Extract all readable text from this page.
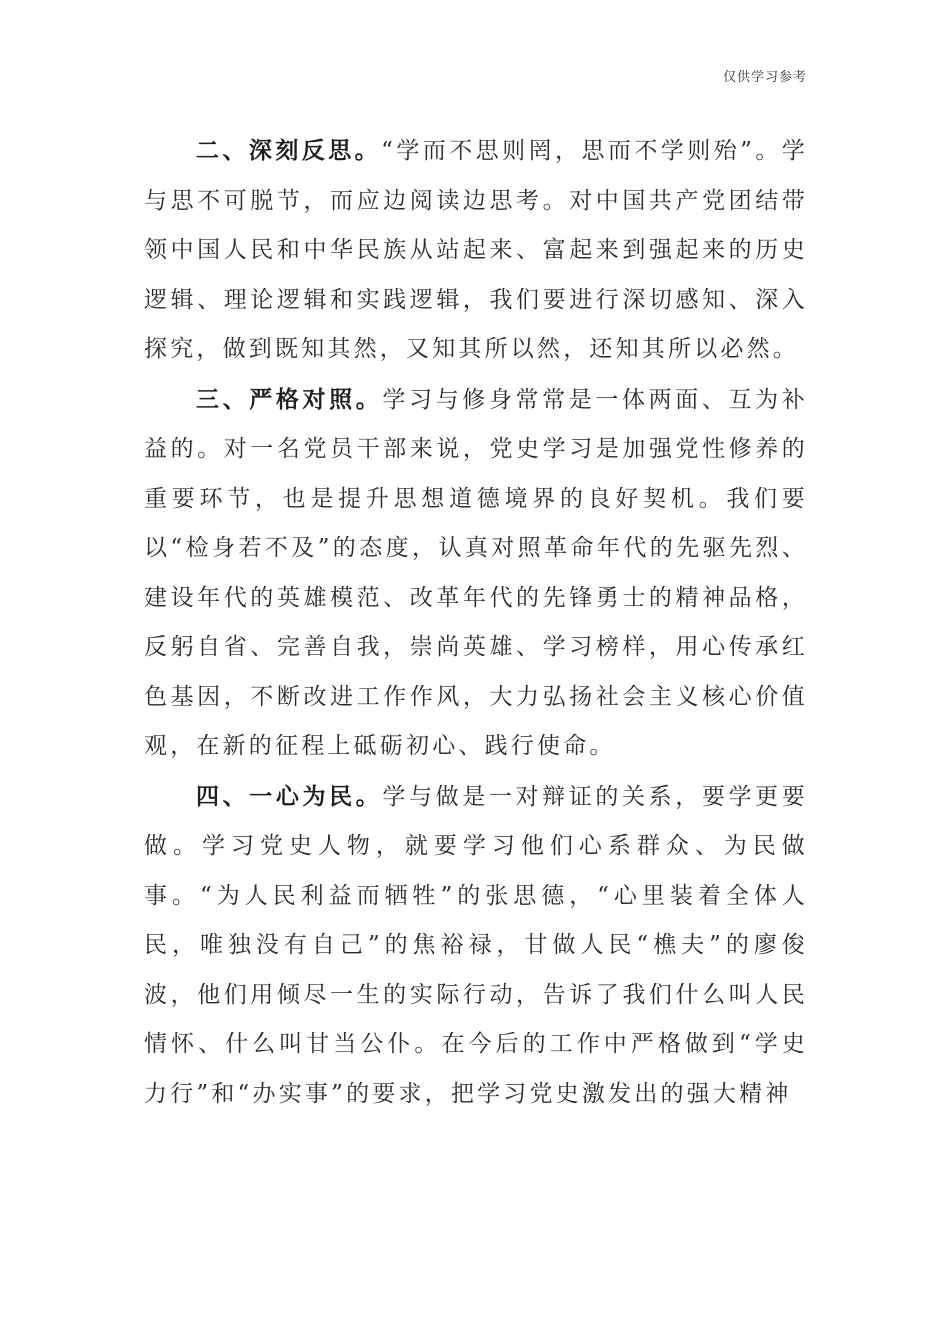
仅供学习参考

二、深刻反思。“学而不思则罔，思而不学则殆”。学与思不可脱节，而应边阅读边思考。对中国共产党团结带领中国人民和中华民族从站起来、富起来到强起来的历史逻辑、理论逻辑和实践逻辑，我们要进行深切感知、深入探究，做到既知其然，又知其所以然，还知其所以必然。

三、严格对照。学习与修身常常是一体两面、互为补益的。对一名党员干部来说，党史学习是加强党性修养的重要环节，也是提升思想道德境界的良好契机。我们要以“检身若不及”的态度，认真对照革命年代的先驱先烈、建设年代的英雄模范、改革年代的先锋勇士的精神品格，反躬自省、完善自我，崇尚英雄、学习榜样，用心传承红色基因，不断改进工作作风，大力弘扬社会主义核心价值观，在新的征程上砥砺初心、践行使命。

四、一心为民。学与做是一对辩证的关系，要学更要做。学习党史人物，就要学习他们心系群众、为民做事。“为人民利益而牺牲”的张思德，“心里装着全体人民，唯独没有自己”的焦裕禄，甘做人民“樵夫”的廖俊波，他们用倾尽一生的实际行动，告诉了我们什么叫人民情怀、什么叫甘当公仆。在今后的工作中严格做到“学史力行”和“办实事”的要求，把学习党史激发出的强大精神
